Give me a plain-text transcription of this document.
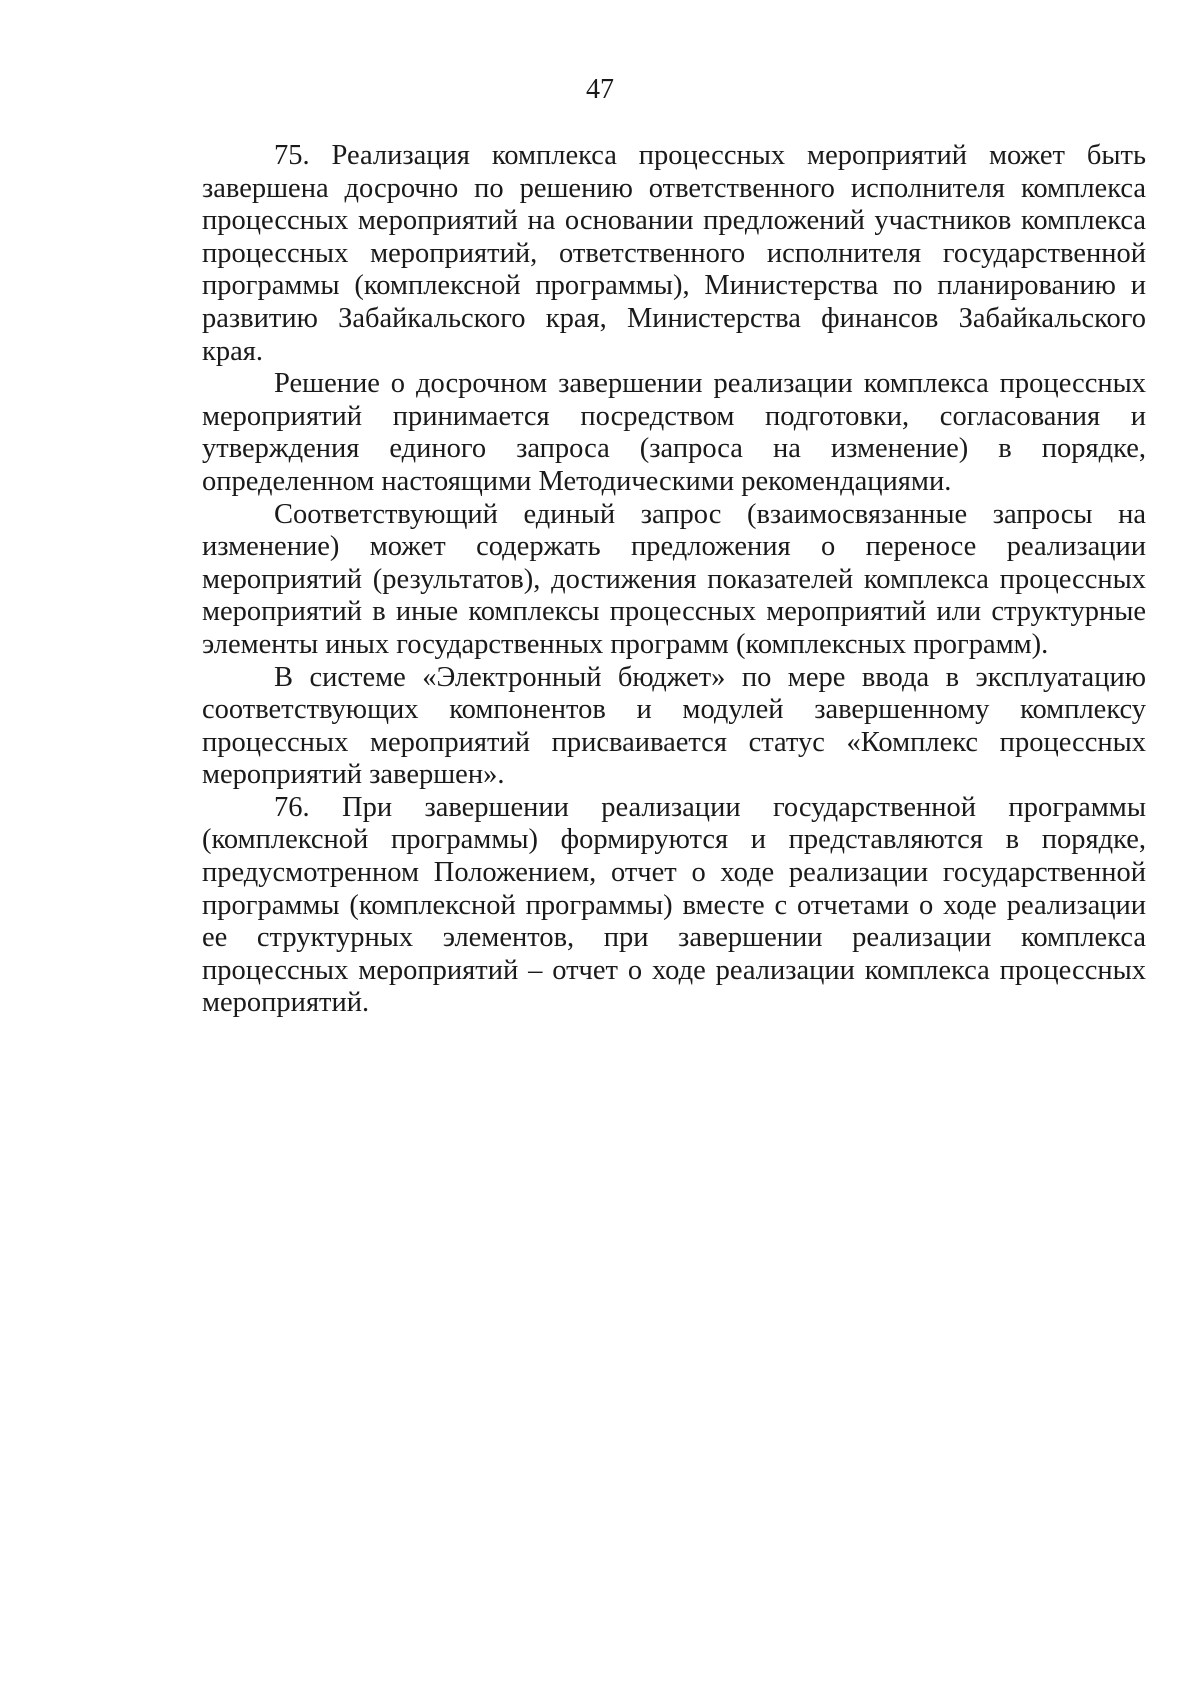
47

75. Реализация комплекса процессных мероприятий может быть завершена досрочно по решению ответственного исполнителя комплекса процессных мероприятий на основании предложений участников комплекса процессных мероприятий, ответственного исполнителя государственной программы (комплексной программы), Министерства по планированию и развитию Забайкальского края, Министерства финансов Забайкальского края.

Решение о досрочном завершении реализации комплекса процессных мероприятий принимается посредством подготовки, согласования и утверждения единого запроса (запроса на изменение) в порядке, определенном настоящими Методическими рекомендациями.

Соответствующий единый запрос (взаимосвязанные запросы на изменение) может содержать предложения о переносе реализации мероприятий (результатов), достижения показателей комплекса процессных мероприятий в иные комплексы процессных мероприятий или структурные элементы иных государственных программ (комплексных программ).

В системе «Электронный бюджет» по мере ввода в эксплуатацию соответствующих компонентов и модулей завершенному комплексу процессных мероприятий присваивается статус «Комплекс процессных мероприятий завершен».

76. При завершении реализации государственной программы (комплексной программы) формируются и представляются в порядке, предусмотренном Положением, отчет о ходе реализации государственной программы (комплексной программы) вместе с отчетами о ходе реализации ее структурных элементов, при завершении реализации комплекса процессных мероприятий – отчет о ходе реализации комплекса процессных мероприятий.
